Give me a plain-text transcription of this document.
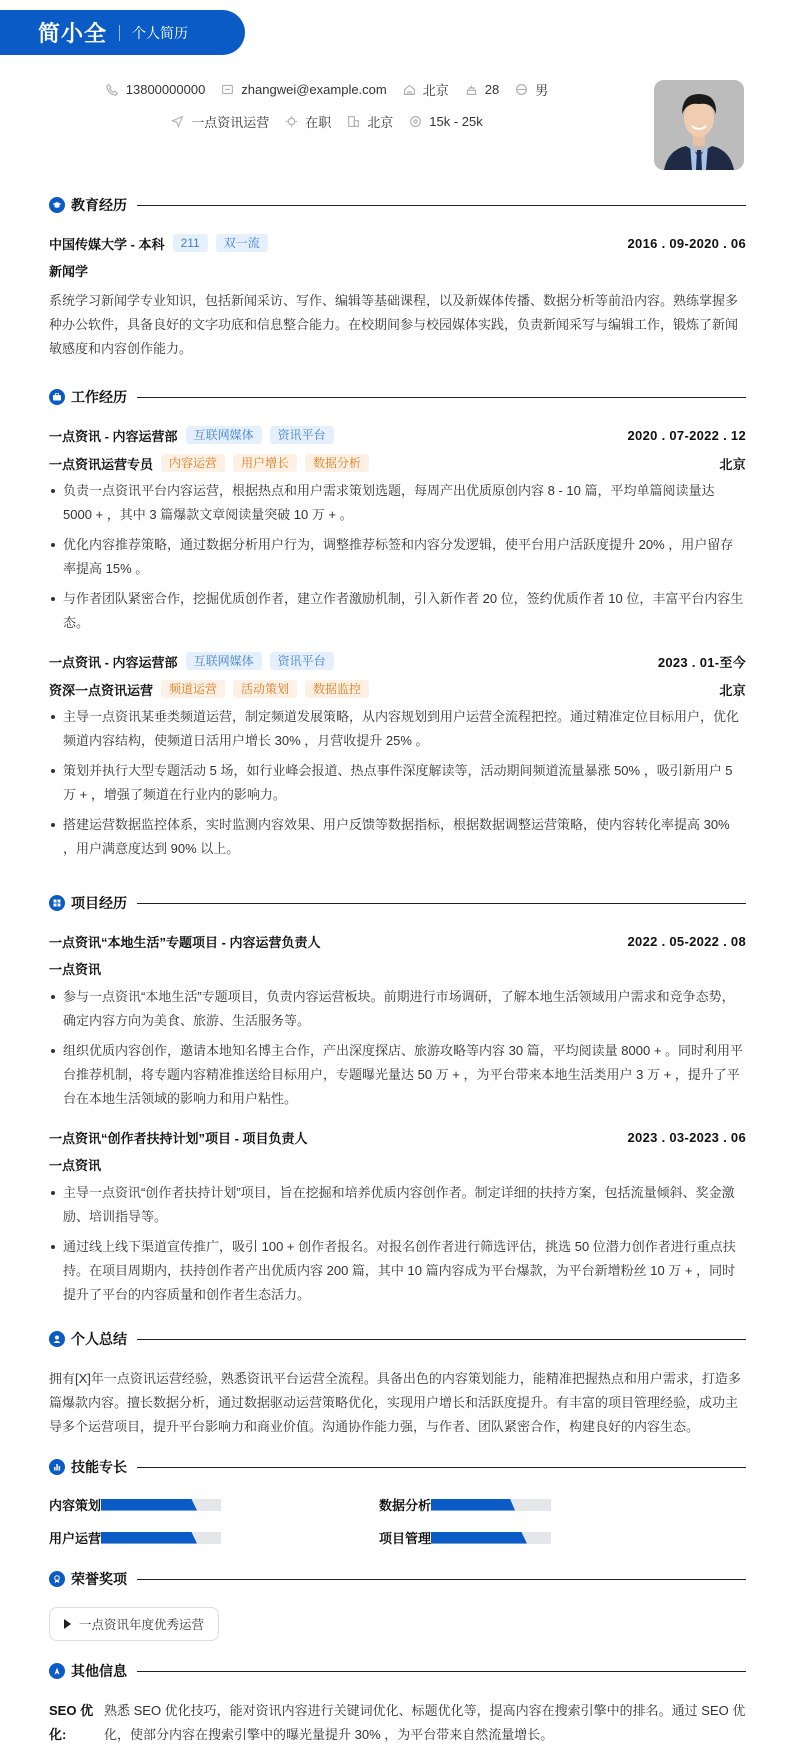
简小全 个人简历
13800000000	zhangwei@example.com	北京	28	男
一点资讯运营	在职	北京	15k - 25k
教育经历
中国传媒大学 - 本科	211	双一流	2016 . 09-2020 . 06
新闻学

系统学习新闻学专业知识，包括新闻采访、写作、编辑等基础课程，以及新媒体传播、数据分析等前沿内容。熟练掌握多种办公软件，具备良好的文字功底和信息整合能力。在校期间参与校园媒体实践，负责新闻采写与编辑工作，锻炼了新闻敏感度和内容创作能力。

工作经历
一点资讯 - 内容运营部	互联网媒体	资讯平台	2020 . 07-2022 . 12
一点资讯运营专员	内容运营	用户增长	数据分析	北京
负责一点资讯平台内容运营，根据热点和用户需求策划选题，每周产出优质原创内容 8 - 10 篇，平均单篇阅读量达 5000 + ，其中 3 篇爆款文章阅读量突破 10 万 + 。
优化内容推荐策略，通过数据分析用户行为，调整推荐标签和内容分发逻辑，使平台用户活跃度提升 20% ，用户留存率提高 15% 。
与作者团队紧密合作，挖掘优质创作者，建立作者激励机制，引入新作者 20 位，签约优质作者 10 位，丰富平台内容生态。
一点资讯 - 内容运营部	互联网媒体	资讯平台	2023 . 01-至今
资深一点资讯运营	频道运营	活动策划	数据监控	北京
主导一点资讯某垂类频道运营，制定频道发展策略，从内容规划到用户运营全流程把控。通过精准定位目标用户，优化频道内容结构，使频道日活用户增长 30% ，月营收提升 25% 。
策划并执行大型专题活动 5 场，如行业峰会报道、热点事件深度解读等，活动期间频道流量暴涨 50% ，吸引新用户 5 万 + ，增强了频道在行业内的影响力。
搭建运营数据监控体系，实时监测内容效果、用户反馈等数据指标，根据数据调整运营策略，使内容转化率提高 30% ，用户满意度达到 90% 以上。
项目经历
一点资讯“本地生活”专题项目 - 内容运营负责人	2022 . 05-2022 . 08
一点资讯
参与一点资讯“本地生活”专题项目，负责内容运营板块。前期进行市场调研，了解本地生活领域用户需求和竞争态势，确定内容方向为美食、旅游、生活服务等。
组织优质内容创作，邀请本地知名博主合作，产出深度探店、旅游攻略等内容 30 篇，平均阅读量 8000 + 。同时利用平台推荐机制，将专题内容精准推送给目标用户，专题曝光量达 50 万 + ，为平台带来本地生活类用户 3 万 + ，提升了平台在本地生活领域的影响力和用户粘性。
一点资讯“创作者扶持计划”项目 - 项目负责人	2023 . 03-2023 . 06
一点资讯
主导一点资讯“创作者扶持计划”项目，旨在挖掘和培养优质内容创作者。制定详细的扶持方案，包括流量倾斜、奖金激励、培训指导等。
通过线上线下渠道宣传推广，吸引 100 + 创作者报名。对报名创作者进行筛选评估，挑选 50 位潜力创作者进行重点扶持。在项目周期内，扶持创作者产出优质内容 200 篇，其中 10 篇内容成为平台爆款，为平台新增粉丝 10 万 + ，同时提升了平台的内容质量和创作者生态活力。
个人总结

拥有[X]年一点资讯运营经验，熟悉资讯平台运营全流程。具备出色的内容策划能力，能精准把握热点和用户需求，打造多篇爆款内容。擅长数据分析，通过数据驱动运营策略优化，实现用户增长和活跃度提升。有丰富的项目管理经验，成功主导多个运营项目，提升平台影响力和商业价值。沟通协作能力强，与作者、团队紧密合作，构建良好的内容生态。

技能专长
内容策划	数据分析
用户运营	项目管理
荣誉奖项
一点资讯年度优秀运营
其他信息
SEO 优化:
熟悉 SEO 优化技巧，能对资讯内容进行关键词优化、标题优化等，提高内容在搜索引擎中的排名。通过 SEO 优化，使部分内容在搜索引擎中的曝光量提升 30% ，为平台带来自然流量增长。
